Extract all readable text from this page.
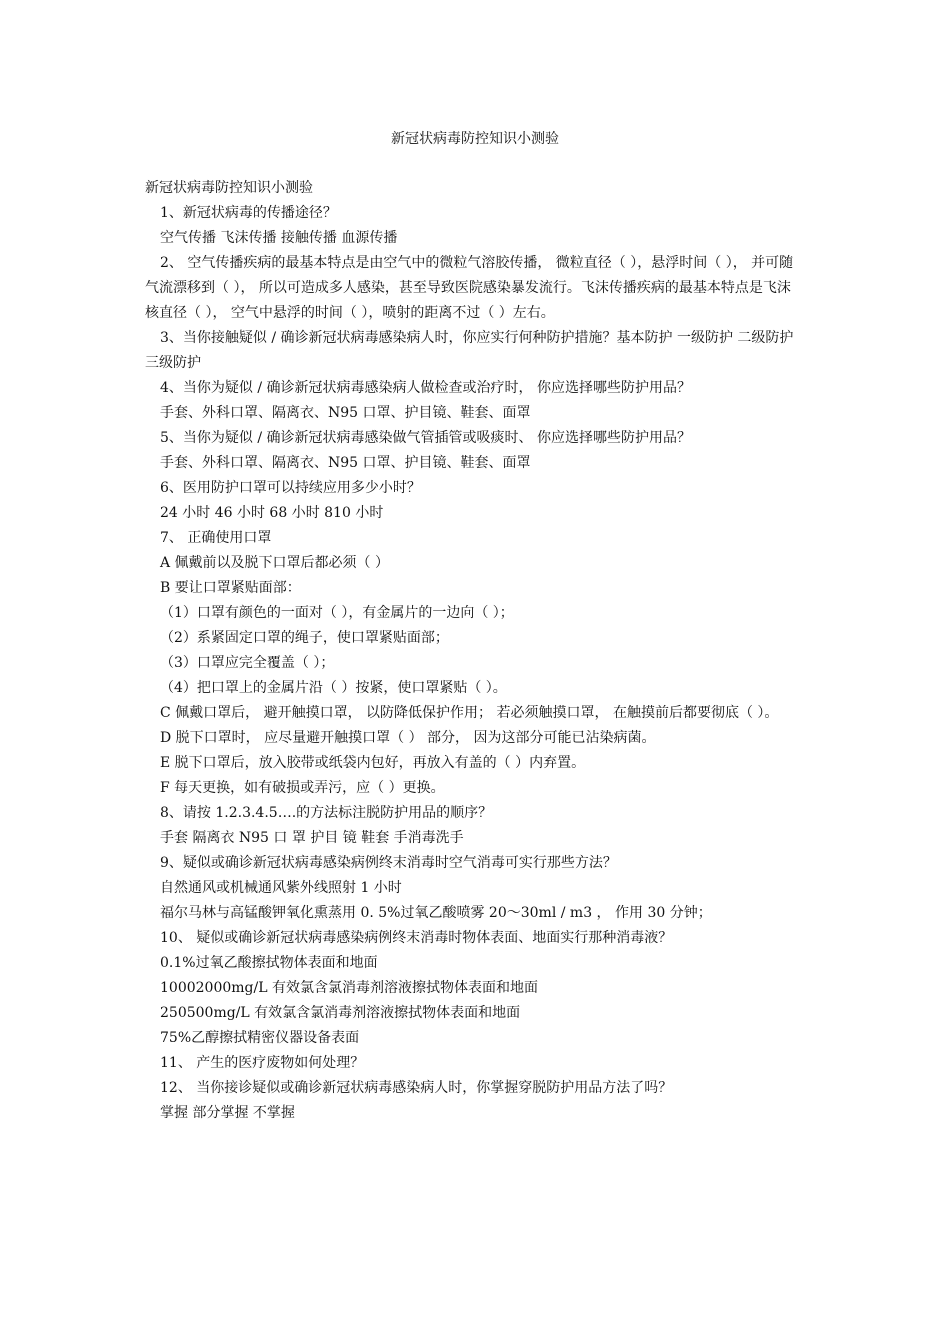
新冠状病毒防控知识小测验

新冠状病毒防控知识小测验

1、新冠状病毒的传播途径？

空气传播 飞沫传播 接触传播 血源传播

2、 空气传播疾病的最基本特点是由空气中的微粒气溶胶传播， 微粒直径（ ），悬浮时间（ ）， 并可随气流漂移到（ ）， 所以可造成多人感染，甚至导致医院感染暴发流行。飞沫传播疾病的最基本特点是飞沫核直径（ ）， 空气中悬浮的时间（ ），喷射的距离不过（ ）左右。

3、当你接触疑似 / 确诊新冠状病毒感染病人时，你应实行何种防护措施？基本防护 一级防护 二级防护 三级防护

4、当你为疑似 / 确诊新冠状病毒感染病人做检查或治疗时， 你应选择哪些防护用品？

手套、外科口罩、隔离衣、N95 口罩、护目镜、鞋套、面罩

5、当你为疑似 / 确诊新冠状病毒感染做气管插管或吸痰时、 你应选择哪些防护用品？

手套、外科口罩、隔离衣、N95 口罩、护目镜、鞋套、面罩

6、医用防护口罩可以持续应用多少小时？

24 小时 46 小时 68 小时 810 小时

7、 正确使用口罩

A 佩戴前以及脱下口罩后都必须（ ）

B 要让口罩紧贴面部：

（1）口罩有颜色的一面对（ ），有金属片的一边向（ ）；

（2）系紧固定口罩的绳子，使口罩紧贴面部；

（3）口罩应完全覆盖（ ）；

（4）把口罩上的金属片沿（ ）按紧，使口罩紧贴（ ）。

C 佩戴口罩后， 避开触摸口罩， 以防降低保护作用； 若必须触摸口罩， 在触摸前后都要彻底（ ）。

D 脱下口罩时， 应尽量避开触摸口罩（ ） 部分， 因为这部分可能已沾染病菌。

E 脱下口罩后，放入胶带或纸袋内包好，再放入有盖的（ ）内弃置。

F 每天更换，如有破损或弄污，应（ ）更换。

8、请按 1.2.3.4.5….的方法标注脱防护用品的顺序？

手套 隔离衣 N95 口 罩 护目 镜 鞋套 手消毒洗手

9、疑似或确诊新冠状病毒感染病例终末消毒时空气消毒可实行那些方法？

自然通风或机械通风紫外线照射 1 小时

福尔马林与高锰酸钾氧化熏蒸用 0. 5%过氧乙酸喷雾 20～30ml / m3 ， 作用 30 分钟；

10、 疑似或确诊新冠状病毒感染病例终末消毒时物体表面、地面实行那种消毒液？

0.1%过氧乙酸擦拭物体表面和地面

10002000mg/L 有效氯含氯消毒剂溶液擦拭物体表面和地面

250500mg/L 有效氯含氯消毒剂溶液擦拭物体表面和地面

75%乙醇擦拭精密仪器设备表面

11、 产生的医疗废物如何处理？

12、 当你接诊疑似或确诊新冠状病毒感染病人时，你掌握穿脱防护用品方法了吗？

掌握 部分掌握 不掌握
